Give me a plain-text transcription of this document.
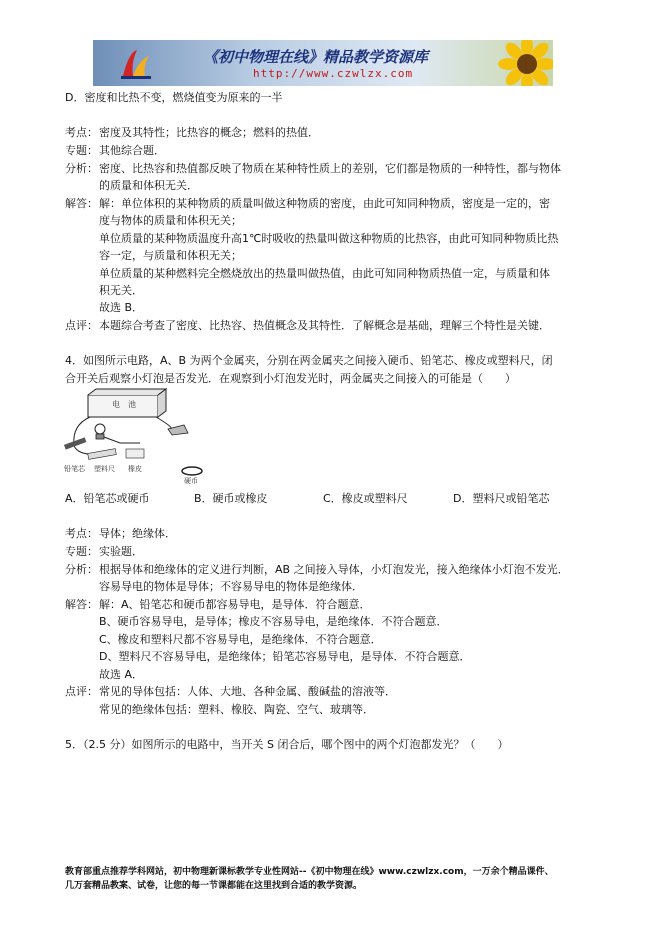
《初中物理在线》精品教学资源库
http://www.czwlzx.com
D．密度和比热不变，燃烧值变为原来的一半
考点： 密度及其特性；比热容的概念；燃料的热值．
专题： 其他综合题．
分析： 密度、比热容和热值都反映了物质在某种特性质上的差别，它们都是物质的一种特性，都与物体
的质量和体积无关．
解答： 解：单位体积的某种物质的质量叫做这种物质的密度，由此可知同种物质，密度是一定的，密
度与物体的质量和体积无关；
单位质量的某种物质温度升高1℃时吸收的热量叫做这种物质的比热容，由此可知同种物质比热
容一定，与质量和体积无关；
单位质量的某种燃料完全燃烧放出的热量叫做热值，由此可知同种物质热值一定，与质量和体
积无关．
故选 B．
点评： 本题综合考查了密度、比热容、热值概念及其特性．了解概念是基础，理解三个特性是关键．
4．如图所示电路，A、B 为两个金属夹，分别在两金属夹之间接入硬币、铅笔芯、橡皮或塑料尺，闭
合开关后观察小灯泡是否发光．在观察到小灯泡发光时，两金属夹之间接入的可能是（　　）
电　池
铅笔芯 塑料尺 橡皮
硬币
A．铅笔芯或硬币	B．硬币或橡皮	C．橡皮或塑料尺	D．塑料尺或铅笔芯
考点： 导体；绝缘体．
专题： 实验题．
分析： 根据导体和绝缘体的定义进行判断，AB 之间接入导体，小灯泡发光，接入绝缘体小灯泡不发光．
容易导电的物体是导体；不容易导电的物体是绝缘体．
解答： 解：A、铅笔芯和硬币都容易导电，是导体．符合题意．
B、硬币容易导电，是导体；橡皮不容易导电，是绝缘体．不符合题意．
C、橡皮和塑料尺都不容易导电，是绝缘体．不符合题意．
D、塑料尺不容易导电，是绝缘体；铅笔芯容易导电，是导体．不符合题意．
故选 A．
点评： 常见的导体包括：人体、大地、各种金属、酸碱盐的溶液等．
常见的绝缘体包括：塑料、橡胶、陶瓷、空气、玻璃等．
5．（2.5 分）如图所示的电路中，当开关 S 闭合后，哪个图中的两个灯泡都发光？（　　）
教育部重点推荐学科网站，初中物理新课标教学专业性网站--《初中物理在线》www.czwlzx.com，一万余个精品课件、
几万套精品教案、试卷，让您的每一节课都能在这里找到合适的教学资源。
